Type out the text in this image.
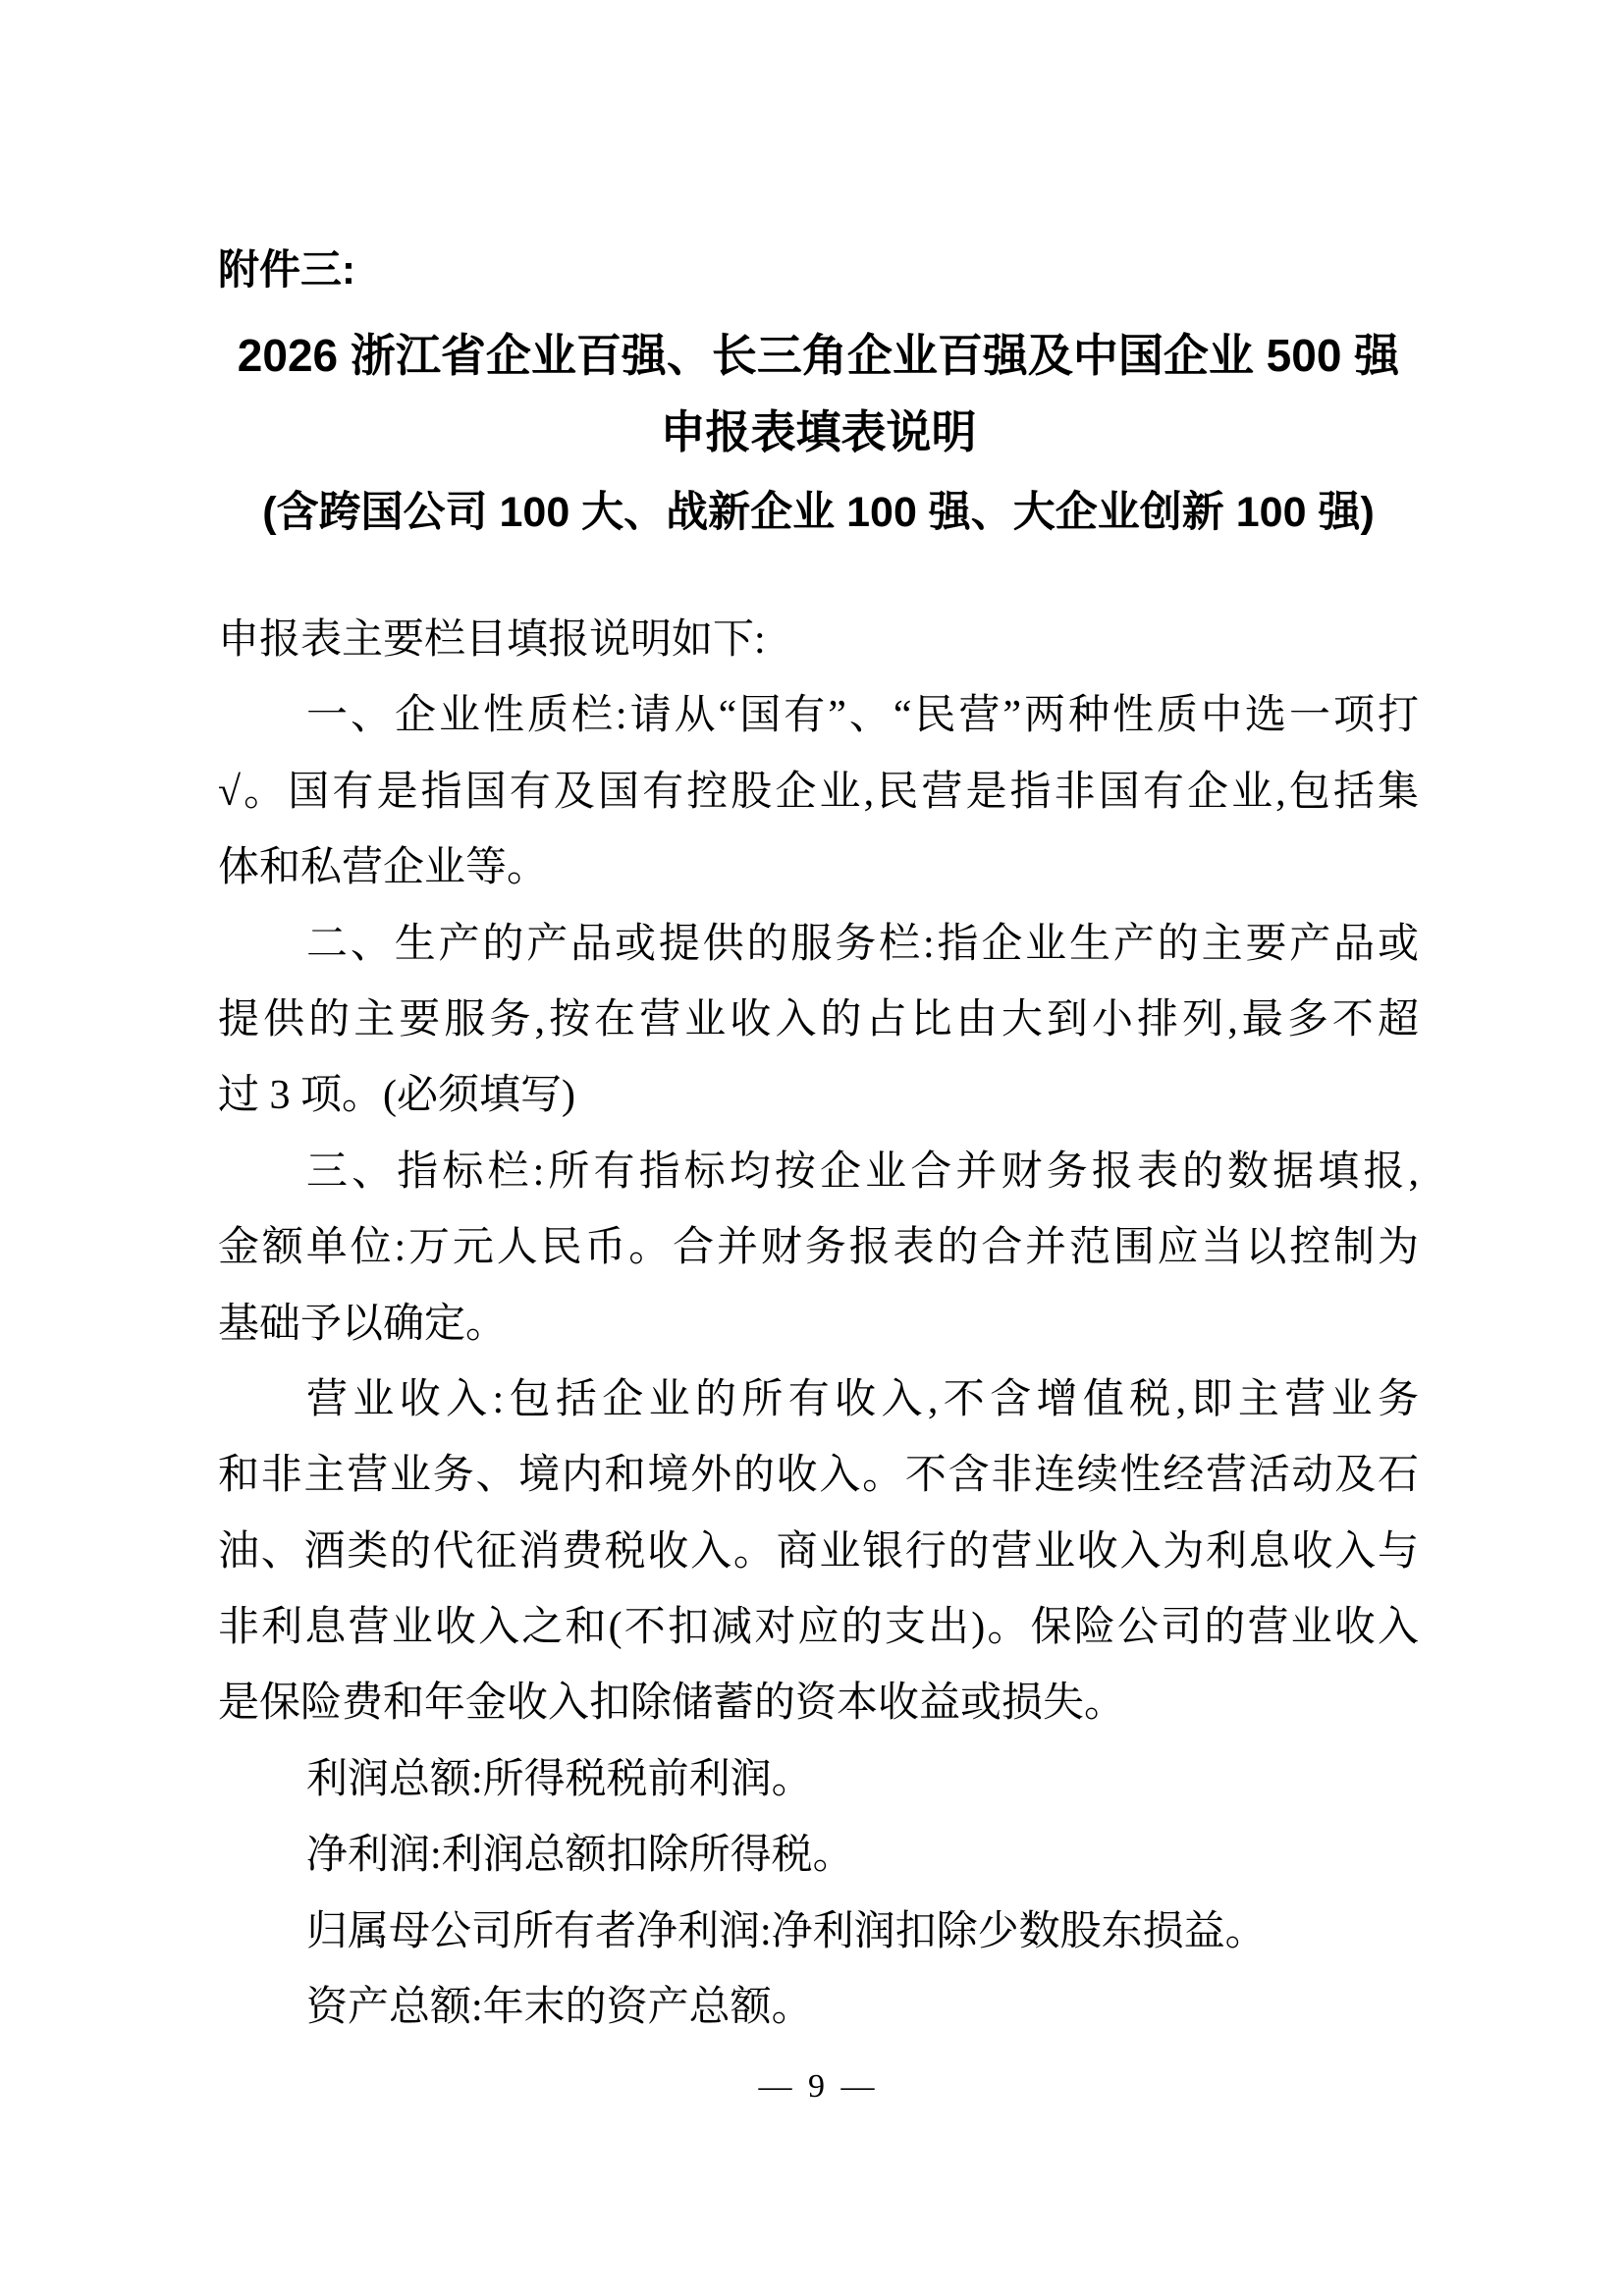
附件三:
2026 浙江省企业百强、长三角企业百强及中国企业 500 强
申报表填表说明
(含跨国公司 100 大、战新企业 100 强、大企业创新 100 强)
申报表主要栏目填报说明如下:
一、企业性质栏:请从“国有”、“民营”两种性质中选一项打
√。国有是指国有及国有控股企业,民营是指非国有企业,包括集
体和私营企业等。
二、生产的产品或提供的服务栏:指企业生产的主要产品或
提供的主要服务,按在营业收入的占比由大到小排列,最多不超
过 3 项。(必须填写)
三、指标栏:所有指标均按企业合并财务报表的数据填报,
金额单位:万元人民币。合并财务报表的合并范围应当以控制为
基础予以确定。
营业收入:包括企业的所有收入,不含增值税,即主营业务
和非主营业务、境内和境外的收入。不含非连续性经营活动及石
油、酒类的代征消费税收入。商业银行的营业收入为利息收入与
非利息营业收入之和(不扣减对应的支出)。保险公司的营业收入
是保险费和年金收入扣除储蓄的资本收益或损失。
利润总额:所得税税前利润。
净利润:利润总额扣除所得税。
归属母公司所有者净利润:净利润扣除少数股东损益。
资产总额:年末的资产总额。
— 9 —
